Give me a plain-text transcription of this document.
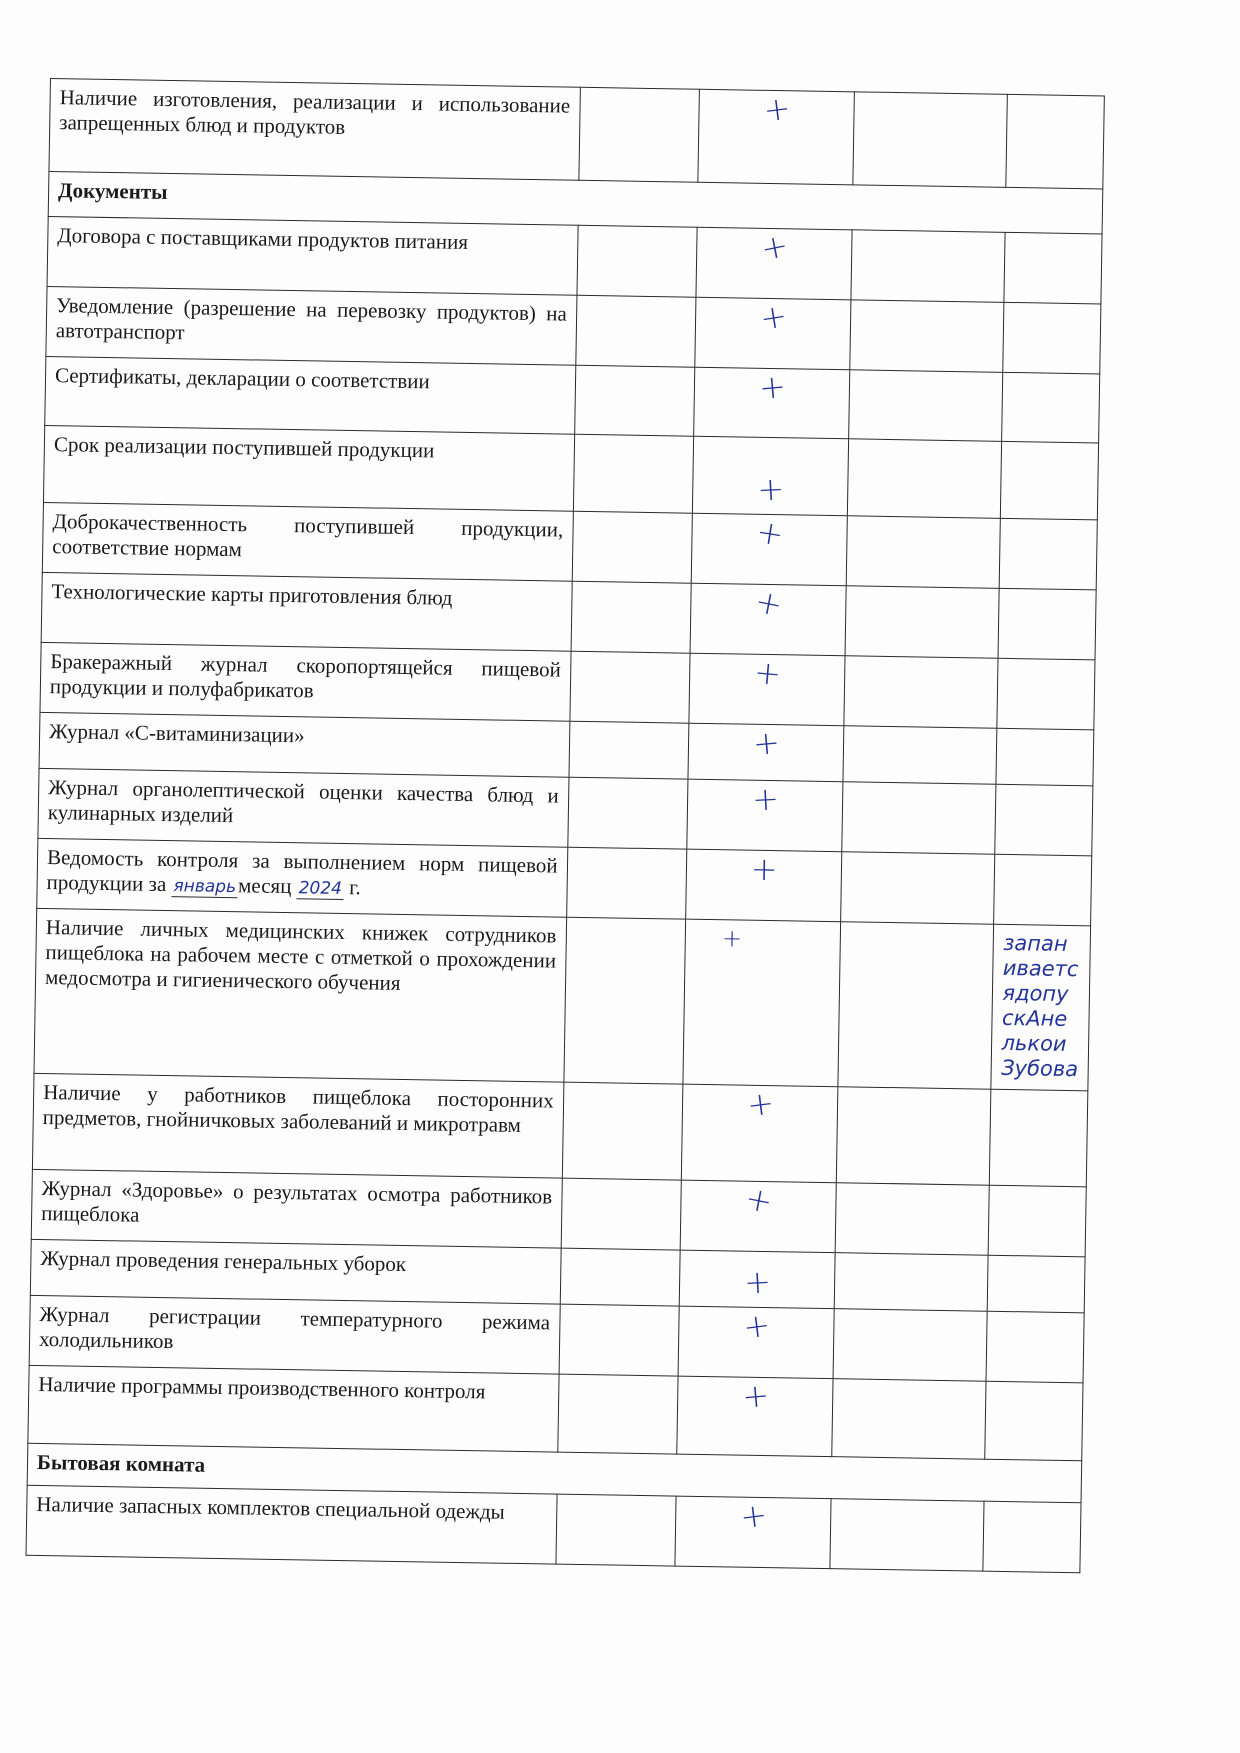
Наличие изготовления, реализации и использование запрещенных блюд и продуктов		+		
Документы				
Договора с поставщиками продуктов питания		+		
Уведомление (разрешение на перевозку продуктов) на автотранспорт		+		
Сертификаты, декларации о соответствии		+		
Срок реализации поступившей продукции		+		
Доброкачественность поступившей продукции, соответствие нормам		+		
Технологические карты приготовления блюд		+		
Бракеражный журнал скоропортящейся пищевой продукции и полуфабрикатов		+		
Журнал «С-витаминизации»		+		
Журнал органолептической оценки качества блюд и кулинарных изделий		+		
Ведомость контроля за выполнением норм пищевой продукции за январьмесяц 2024 г.		+		
Наличие личных медицинских книжек сотрудников пищеблока на рабочем месте с отметкой о прохождении медосмотра и гигиенического обучения		+		запаниваетсядопускАнелькоиЗубова
Наличие у работников пищеблока посторонних предметов, гнойничковых заболеваний и микротравм		+		
Журнал «Здоровье» о результатах осмотра работников пищеблока		+		
Журнал проведения генеральных уборок		+		
Журнал регистрации температурного режима холодильников		+		
Наличие программы производственного контроля		+		
Бытовая комната				
Наличие запасных комплектов специальной одежды		+		
